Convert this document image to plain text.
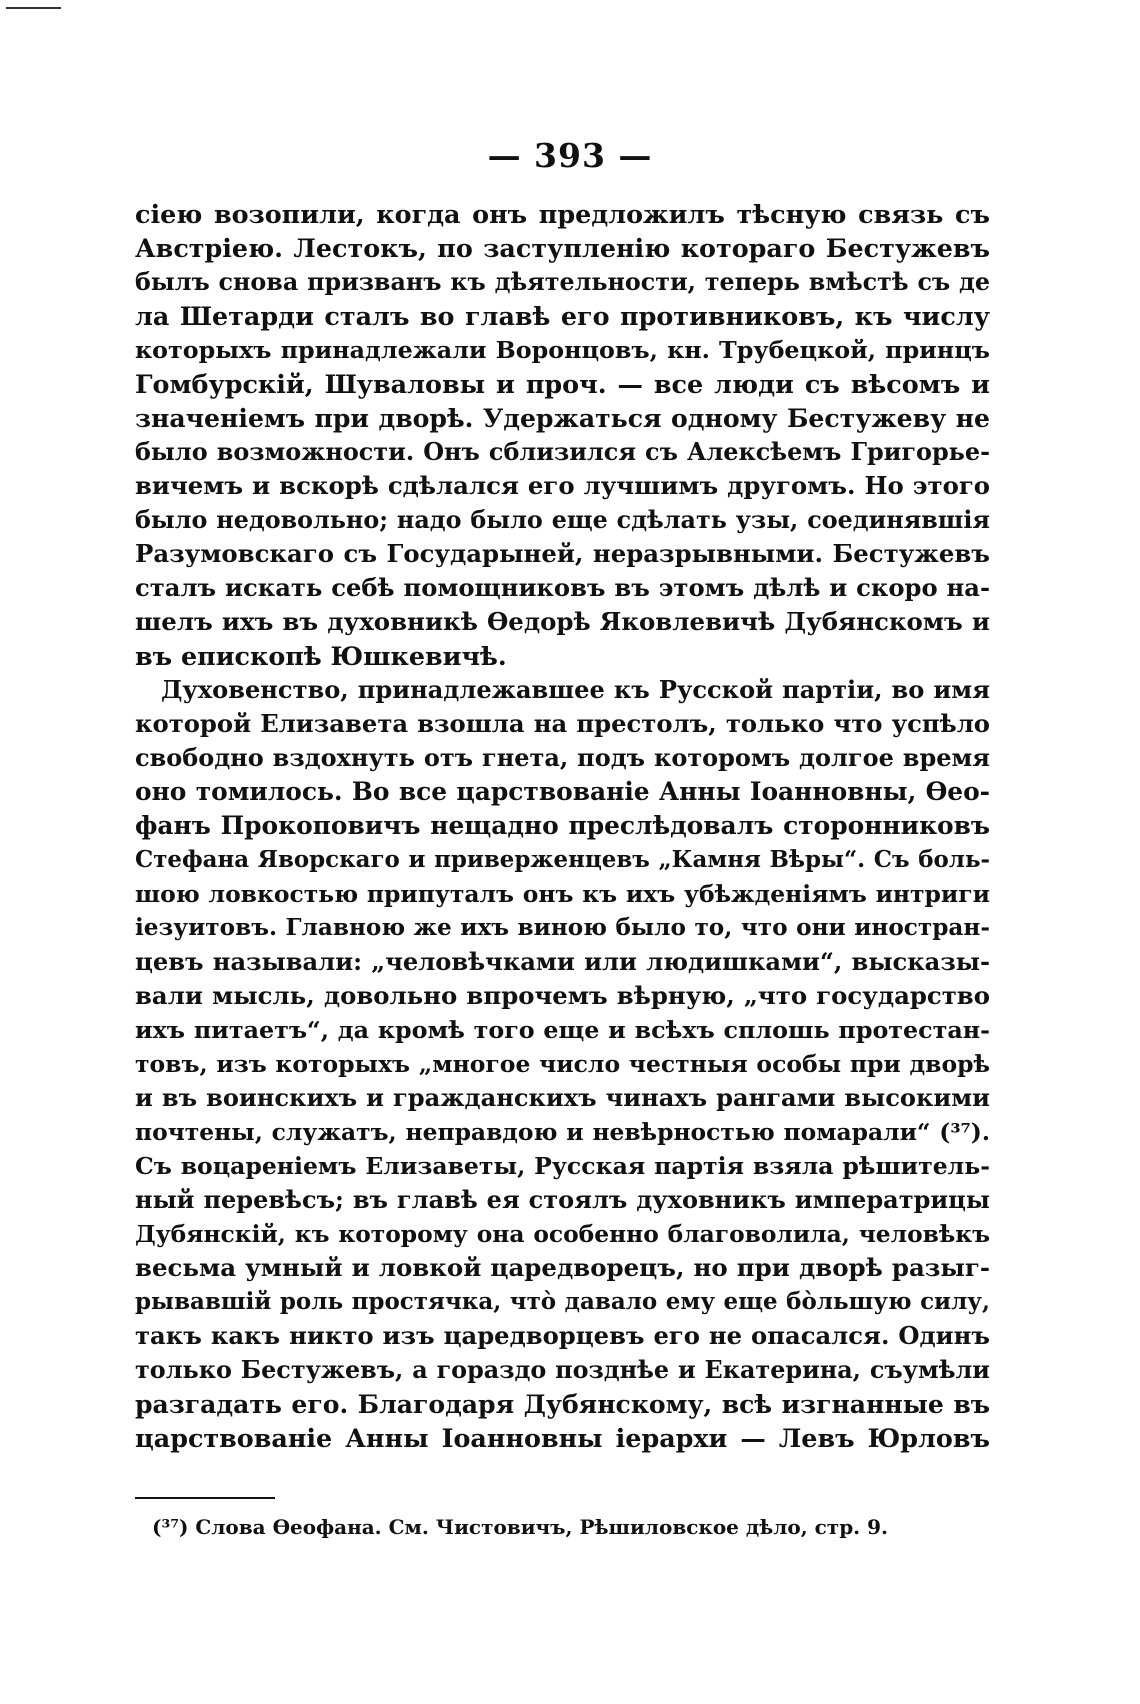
— 393 —
сіею возопили, когда онъ предложилъ тѣсную связь съ
Австріею. Лестокъ, по заступленію котораго Бестужевъ
былъ снова призванъ къ дѣятельности, теперь вмѣстѣ съ де
ла Шетарди сталъ во главѣ его противниковъ, къ числу
которыхъ принадлежали Воронцовъ, кн. Трубецкой, принцъ
Гомбурскій, Шуваловы и проч. — все люди съ вѣсомъ и
значеніемъ при дворѣ. Удержаться одному Бестужеву не
было возможности. Онъ сблизился съ Алексѣемъ Григорье-
вичемъ и вскорѣ сдѣлался его лучшимъ другомъ. Но этого
было недовольно; надо было еще сдѣлать узы, соединявшія
Разумовскаго съ Государыней, неразрывными. Бестужевъ
сталъ искать себѣ помощниковъ въ этомъ дѣлѣ и скоро на-
шелъ ихъ въ духовникѣ Ѳедорѣ Яковлевичѣ Дубянскомъ и
въ епископѣ Юшкевичѣ.
Духовенство, принадлежавшее къ Русской партіи, во имя
которой Елизавета взошла на престолъ, только что успѣло
свободно вздохнуть отъ гнета, подъ которомъ долгое время
оно томилось. Во все царствованіе Анны Іоанновны, Ѳео-
фанъ Прокоповичъ нещадно преслѣдовалъ сторонниковъ
Стефана Яворскаго и приверженцевъ „Камня Вѣры“. Съ боль-
шою ловкостью припуталъ онъ къ ихъ убѣжденіямъ интриги
іезуитовъ. Главною же ихъ виною было то, что они иностран-
цевъ называли: „человѣчками или людишками“, высказы-
вали мысль, довольно впрочемъ вѣрную, „что государство
ихъ питаетъ“, да кромѣ того еще и всѣхъ сплошь протестан-
товъ, изъ которыхъ „многое число честныя особы при дворѣ
и въ воинскихъ и гражданскихъ чинахъ рангами высокими
почтены, служатъ, неправдою и невѣрностью помарали“ (³⁷).
Съ воцареніемъ Елизаветы, Русская партія взяла рѣшитель-
ный перевѣсъ; въ главѣ ея стоялъ духовникъ императрицы
Дубянскій, къ которому она особенно благоволила, человѣкъ
весьма умный и ловкой царедворецъ, но при дворѣ разыг-
рывавшій роль простячка, что̀ давало ему еще бо̀льшую силу,
такъ какъ никто изъ царедворцевъ его не опасался. Одинъ
только Бестужевъ, а гораздо позднѣе и Екатерина, съумѣли
разгадать его. Благодаря Дубянскому, всѣ изгнанные въ
царствованіе Анны Іоанновны іерархи — Левъ Юрловъ
(³⁷) Слова Ѳеофана. См. Чистовичъ, Рѣшиловское дѣло, стр. 9.
